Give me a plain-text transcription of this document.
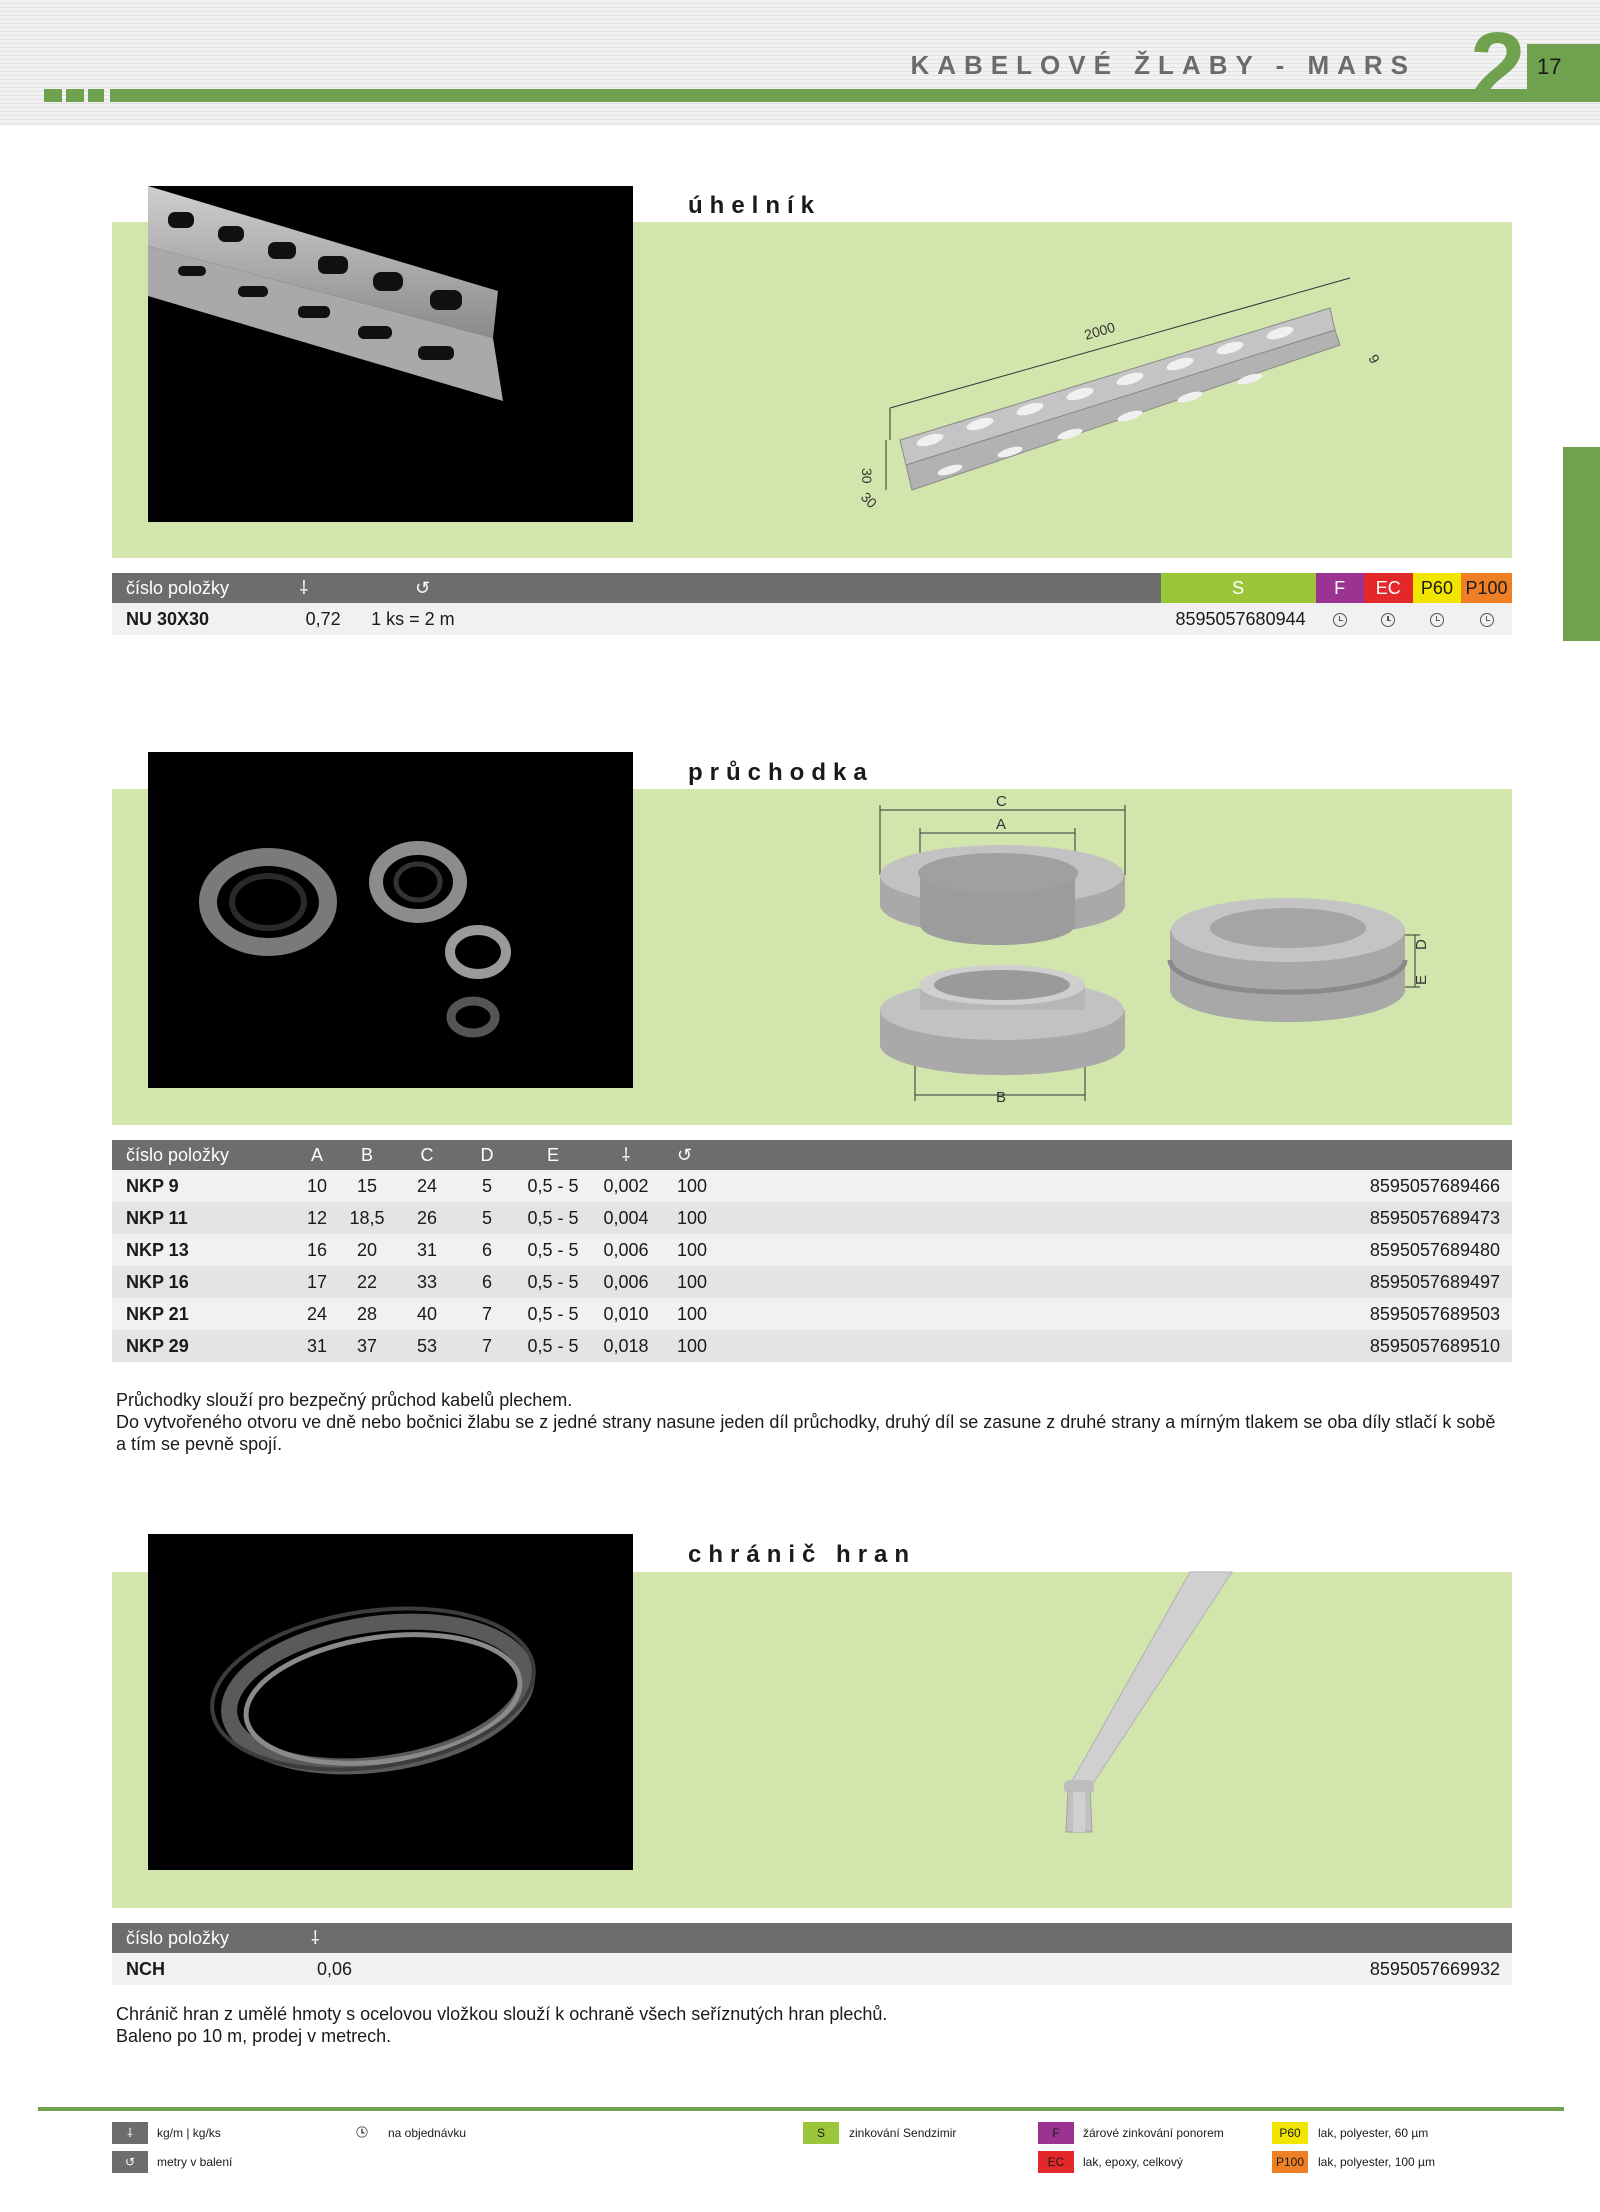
KABELOVÉ ŽLABY - MARS 2 17
úhelník
2000
9
30
30
číslo položky	⸸	↺	S	F	EC	P60	P100
NU 30X30	0,72	1 ks = 2 m	8595057680944				
průchodka
C
A
B
D
E
číslo položky	A	B	C	D	E	⸸	↺	
NKP 9	10	15	24	5	0,5 - 5	0,002	100	8595057689466
NKP 11	12	18,5	26	5	0,5 - 5	0,004	100	8595057689473
NKP 13	16	20	31	6	0,5 - 5	0,006	100	8595057689480
NKP 16	17	22	33	6	0,5 - 5	0,006	100	8595057689497
NKP 21	24	28	40	7	0,5 - 5	0,010	100	8595057689503
NKP 29	31	37	53	7	0,5 - 5	0,018	100	8595057689510
Průchodky slouží pro bezpečný průchod kabelů plechem.
Do vytvořeného otvoru ve dně nebo bočnici žlabu se z jedné strany nasune jeden díl průchodky, druhý díl se zasune z druhé strany a mírným tlakem se oba díly stlačí k sobě a tím se pevně spojí.
chránič hran
číslo položky	⸸	
NCH	0,06	8595057669932
Chránič hran z umělé hmoty s ocelovou vložkou slouží k ochraně všech seříznutých hran plechů.
Baleno po 10 m, prodej v metrech.
⸸	kg/m | kg/ks
↺	metry v balení
na objednávku	S	zinkování Sendzimir	F	žárové zinkování ponorem
EC	lak, epoxy, celkový
P60	lak, polyester, 60 µm
P100	lak, polyester, 100 µm
